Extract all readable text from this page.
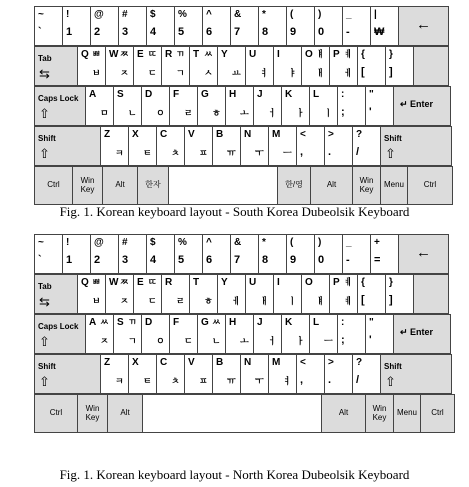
~
`
!
1
@
2
#
3
$
4
%
5
^
6
&
7
*
8
(
9
)
0
_
-
|
₩	←
Tab
⇆
Q ㅃ
ㅂ
W ㅉ
ㅈ
E ㄸ
ㄷ
R ㄲ
ㄱ
T ㅆ
ㅅ
Y
ㅛ
U
ㅕ
I
ㅑ
O ㅒ
ㅐ
P ㅖ
ㅔ
{
[
}
]
Caps Lock
⇧
A
ㅁ
S
ㄴ
D
ㅇ
F
ㄹ
G
ㅎ
H
ㅗ
J
ㅓ
K
ㅏ
L
ㅣ
:
;
"
'
↵ Enter
Shift
⇧
Z
ㅋ
X
ㅌ
C
ㅊ
V
ㅍ
B
ㅠ
N
ㅜ
M
ㅡ
<
,
>
.
?
/
Shift
⇧
Ctrl	Win Key
Alt	한자	한/영	Alt	Win Key
Menu	Ctrl
Fig. 1. Korean keyboard layout - South Korea Dubeolsik Keyboard
~
`
!
1
@
2
#
3
$
4
%
5
^
6
&
7
*
8
(
9
)
0
_
-
+
=	←
Tab
⇆
Q ㅃ
ㅂ
W ㅉ
ㅈ
E ㄸ
ㄷ
R
ㄹ
T
ㅎ
Y
ㅔ
U
ㅐ
I
ㅣ
O
ㅒ
P ㅖ
ㅖ
{
[
}
]
Caps Lock
⇧
A ㅆ
ㅈ
S ㄲ
ㄱ
D
ㅇ
F
ㄷ
G ㅆ
ㄴ
H
ㅗ
J
ㅓ
K
ㅏ
L
ㅡ
:
;
"
'
↵ Enter
Shift
⇧
Z
ㅋ
X
ㅌ
C
ㅊ
V
ㅍ
B
ㅠ
N
ㅜ
M
ㅕ
<
,
>
.
?
/
Shift
⇧
Ctrl	Win Key
Alt	Alt	Win Key
Menu	Ctrl
Fig. 1. Korean keyboard layout - North Korea Dubeolsik Keyboard
